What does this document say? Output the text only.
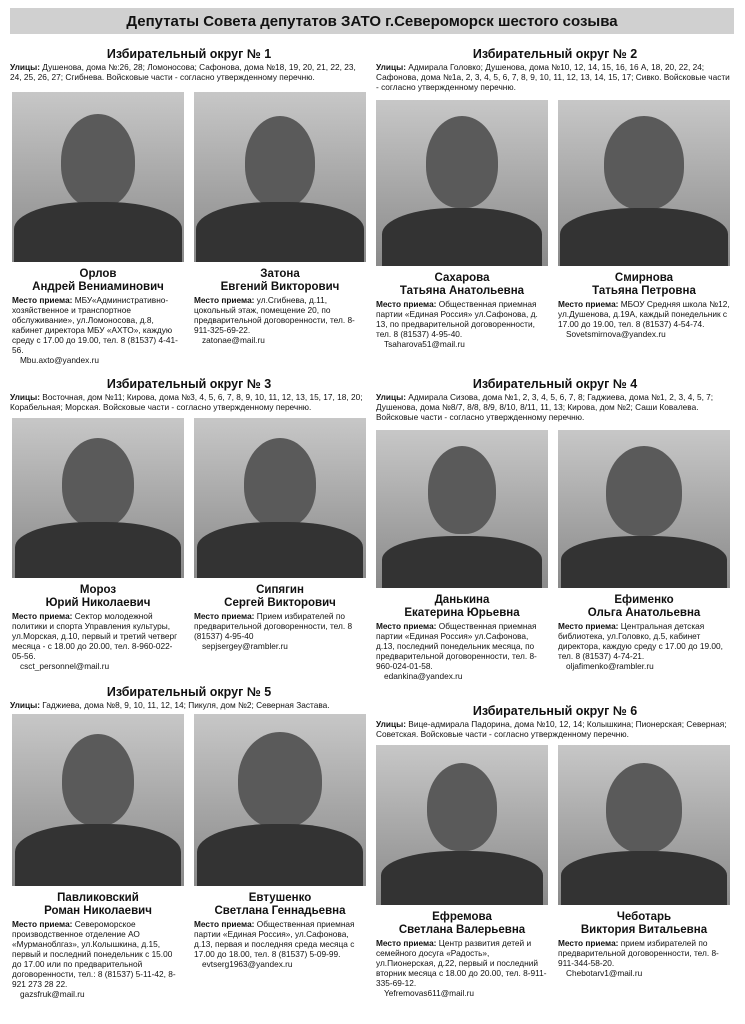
Депутаты Совета депутатов ЗАТО г.Североморск шестого созыва
Избирательный округ № 1
Улицы: Душенова, дома №:26, 28; Ломоносова; Сафонова, дома №18, 19, 20, 21, 22, 23, 24, 25, 26, 27; Сгибнева. Войсковые части - согласно утвержденному перечню.
Избирательный округ № 2
Улицы: Адмирала Головко; Душенова, дома №10, 12, 14, 15, 16, 16 А, 18, 20, 22, 24; Сафонова, дома №1а, 2, 3, 4, 5, 6, 7, 8, 9, 10, 11, 12, 13, 14, 15, 17; Сивко. Войсковые части - согласно утвержденному перечню.
Избирательный округ № 3
Улицы: Восточная, дом №11; Кирова, дома №3, 4, 5, 6, 7, 8, 9, 10, 11, 12, 13, 15, 17, 18, 20; Корабельная; Морская. Войсковые части - согласно утвержденному перечню.
Избирательный округ № 4
Улицы: Адмирала Сизова, дома №1, 2, 3, 4, 5, 6, 7, 8; Гаджиева, дома №1, 2, 3, 4, 5, 7; Душенова, дома №8/7, 8/8, 8/9, 8/10, 8/11, 11, 13; Кирова, дом №2; Саши Ковалева. Войсковые части - согласно утвержденному перечню.
Избирательный округ № 5
Улицы: Гаджиева, дома №8, 9, 10, 11, 12, 14; Пикуля, дом №2; Северная Застава.	Избирательный округ № 6
Улицы: Вице-адмирала Падорина, дома №10, 12, 14; Колышкина; Пионерская; Северная; Советская. Войсковые части - согласно утвержденному перечню.
Орлов
Андрей Вениаминович
Место приема: МБУ«Административно-хозяйственное и транспортное обслуживание», ул.Ломоносова, д.8, кабинет директора МБУ «АХТО», каждую среду с 17.00 до 19.00, тел. 8 (81537) 4-41-56.
Mbu.axto@yandex.ru
Затона
Евгений Викторович
Место приема: ул.Сгибнева, д.11, цокольный этаж, помещение 20, по предварительной договоренности, тел. 8-911-325-69-22.
zatonae@mail.ru
Сахарова
Татьяна Анатольевна
Место приема: Общественная приемная партии «Единая Россия» ул.Сафонова, д. 13, по предварительной договоренности, тел. 8 (81537) 4-95-40.
Tsaharova51@mail.ru
Смирнова
Татьяна Петровна
Место приема: МБОУ Средняя школа №12, ул.Душенова, д.19А, каждый понедельник с 17.00 до 19.00, тел. 8 (81537) 4-54-74.
Sovetsmirnova@yandex.ru
Мороз
Юрий Николаевич
Место приема: Сектор молодежной политики и спорта Управления культуры, ул.Морская, д.10, первый и третий четверг месяца - с 18.00 до 20.00, тел. 8-960-022-05-56.
csct_personnel@mail.ru
Сипягин
Сергей Викторович
Место приема: Прием избирателей по предварительной договоренности, тел. 8 (81537) 4-95-40
sepjsergey@rambler.ru
Данькина
Екатерина Юрьевна
Место приема: Общественная приемная партии «Единая Россия» ул.Сафонова, д.13, последний понедельник месяца, по предварительной договоренности, тел. 8-960-024-01-58.
edankina@yandex.ru
Ефименко
Ольга Анатольевна
Место приема: Центральная детская библиотека, ул.Головко, д.5, кабинет директора, каждую среду с 17.00 до 19.00, тел. 8 (81537) 4-74-21.
oljafimenko@rambler.ru
Павликовский
Роман Николаевич
Место приема: Североморское производственное отделение АО «Мурманоблгаз», ул.Колышкина, д.15, первый и последний понедельник с 15.00 до 17.00 или по предварительной договоренности, тел.: 8 (81537) 5-11-42, 8-921 273 28 22.
gazsfruk@mail.ru
Евтушенко
Светлана Геннадьевна
Место приема: Общественная приемная партии «Единая Россия», ул.Сафонова, д.13, первая и последняя среда месяца с 17.00 до 18.00, тел. 8 (81537) 5-09-99.
evtserg1963@yandex.ru
Ефремова
Светлана Валерьевна
Место приема: Центр развития детей и семейного досуга «Радость», ул.Пионерская, д.22, первый и последний вторник месяца с 18.00 до 20.00, тел. 8-911-335-69-12.
Yefremovas611@mail.ru
Чеботарь
Виктория Витальевна
Место приема: прием избирателей по предварительной договоренности, тел. 8-911-344-58-20.
Chebotarv1@mail.ru
